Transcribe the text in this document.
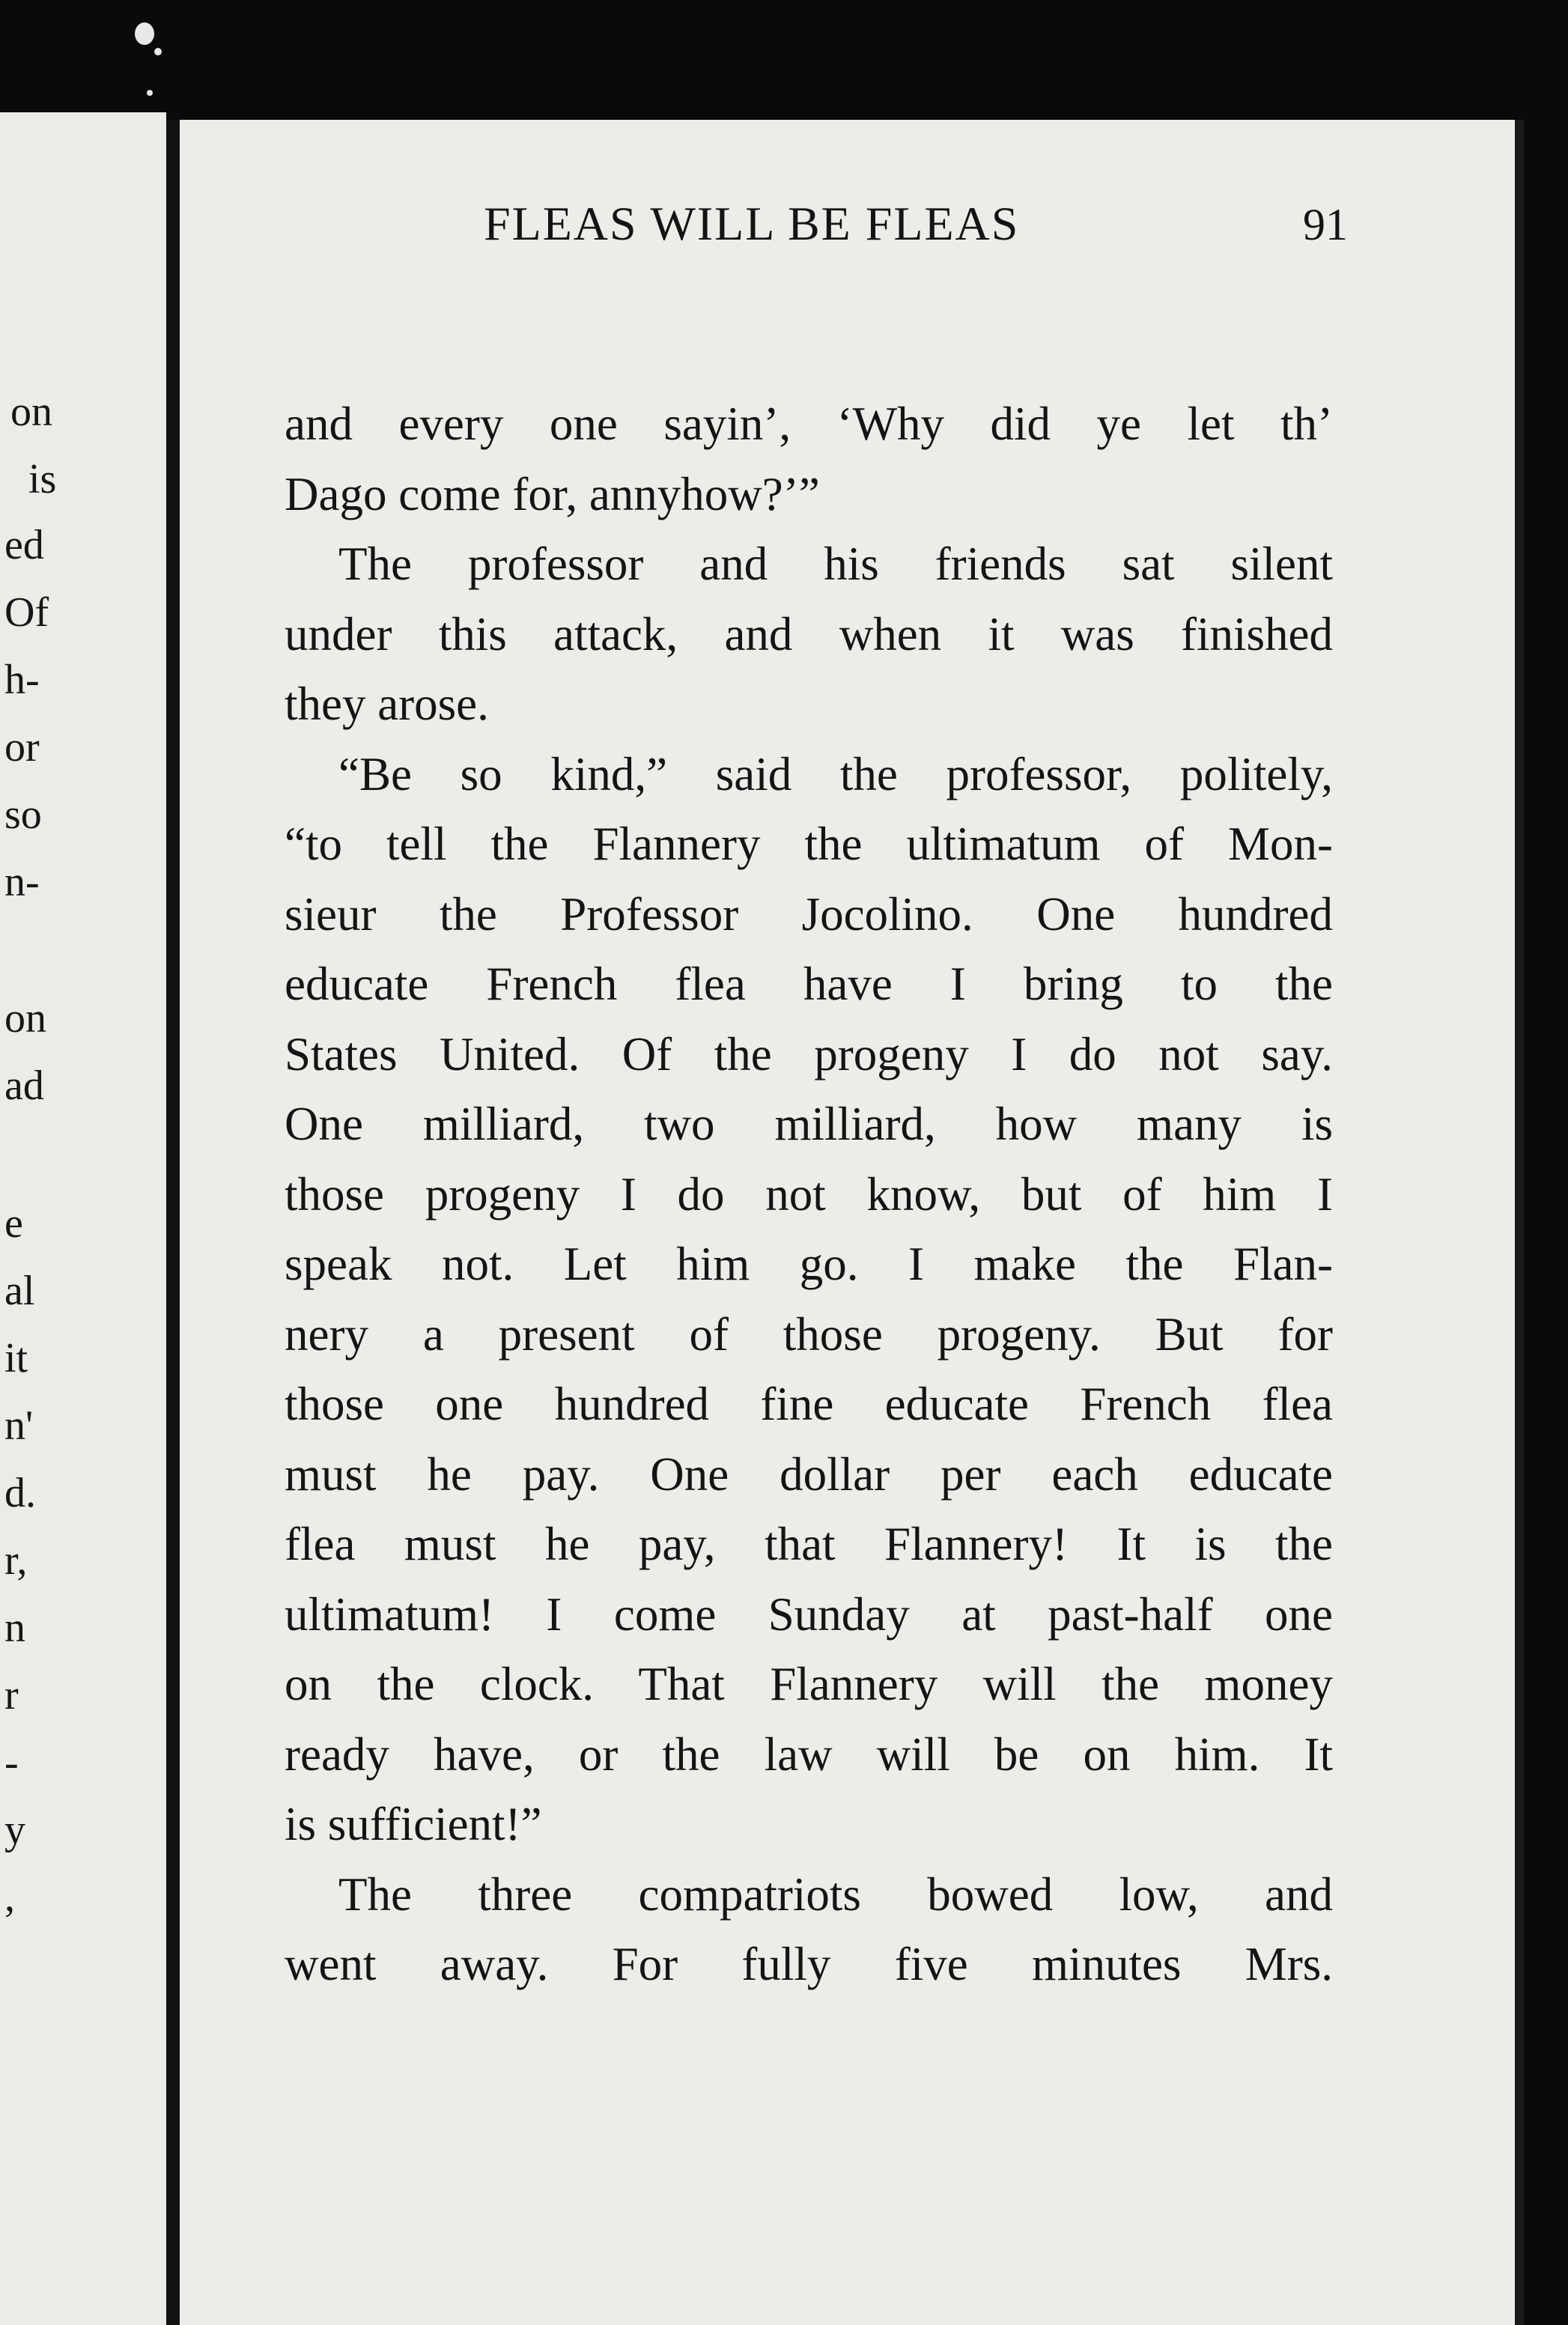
on
is
ed
Of
h-
or
so
n-
on
ad
e
al
it
n'
d.
r,
n
r
-
y
,
FLEAS WILL BE FLEAS	91
and every one sayin’, ‘Why did ye let th’
Dago come for, annyhow?’”
The professor and his friends sat silent
under this attack, and when it was finished
they arose.
“Be so kind,” said the professor, politely,
“to tell the Flannery the ultimatum of Mon-
sieur the Professor Jocolino. One hundred
educate French flea have I bring to the
States United. Of the progeny I do not say.
One milliard, two milliard, how many is
those progeny I do not know, but of him I
speak not. Let him go. I make the Flan-
nery a present of those progeny. But for
those one hundred fine educate French flea
must he pay. One dollar per each educate
flea must he pay, that Flannery! It is the
ultimatum! I come Sunday at past-half one
on the clock. That Flannery will the money
ready have, or the law will be on him. It
is sufficient!”
The three compatriots bowed low, and
went away. For fully five minutes Mrs.
